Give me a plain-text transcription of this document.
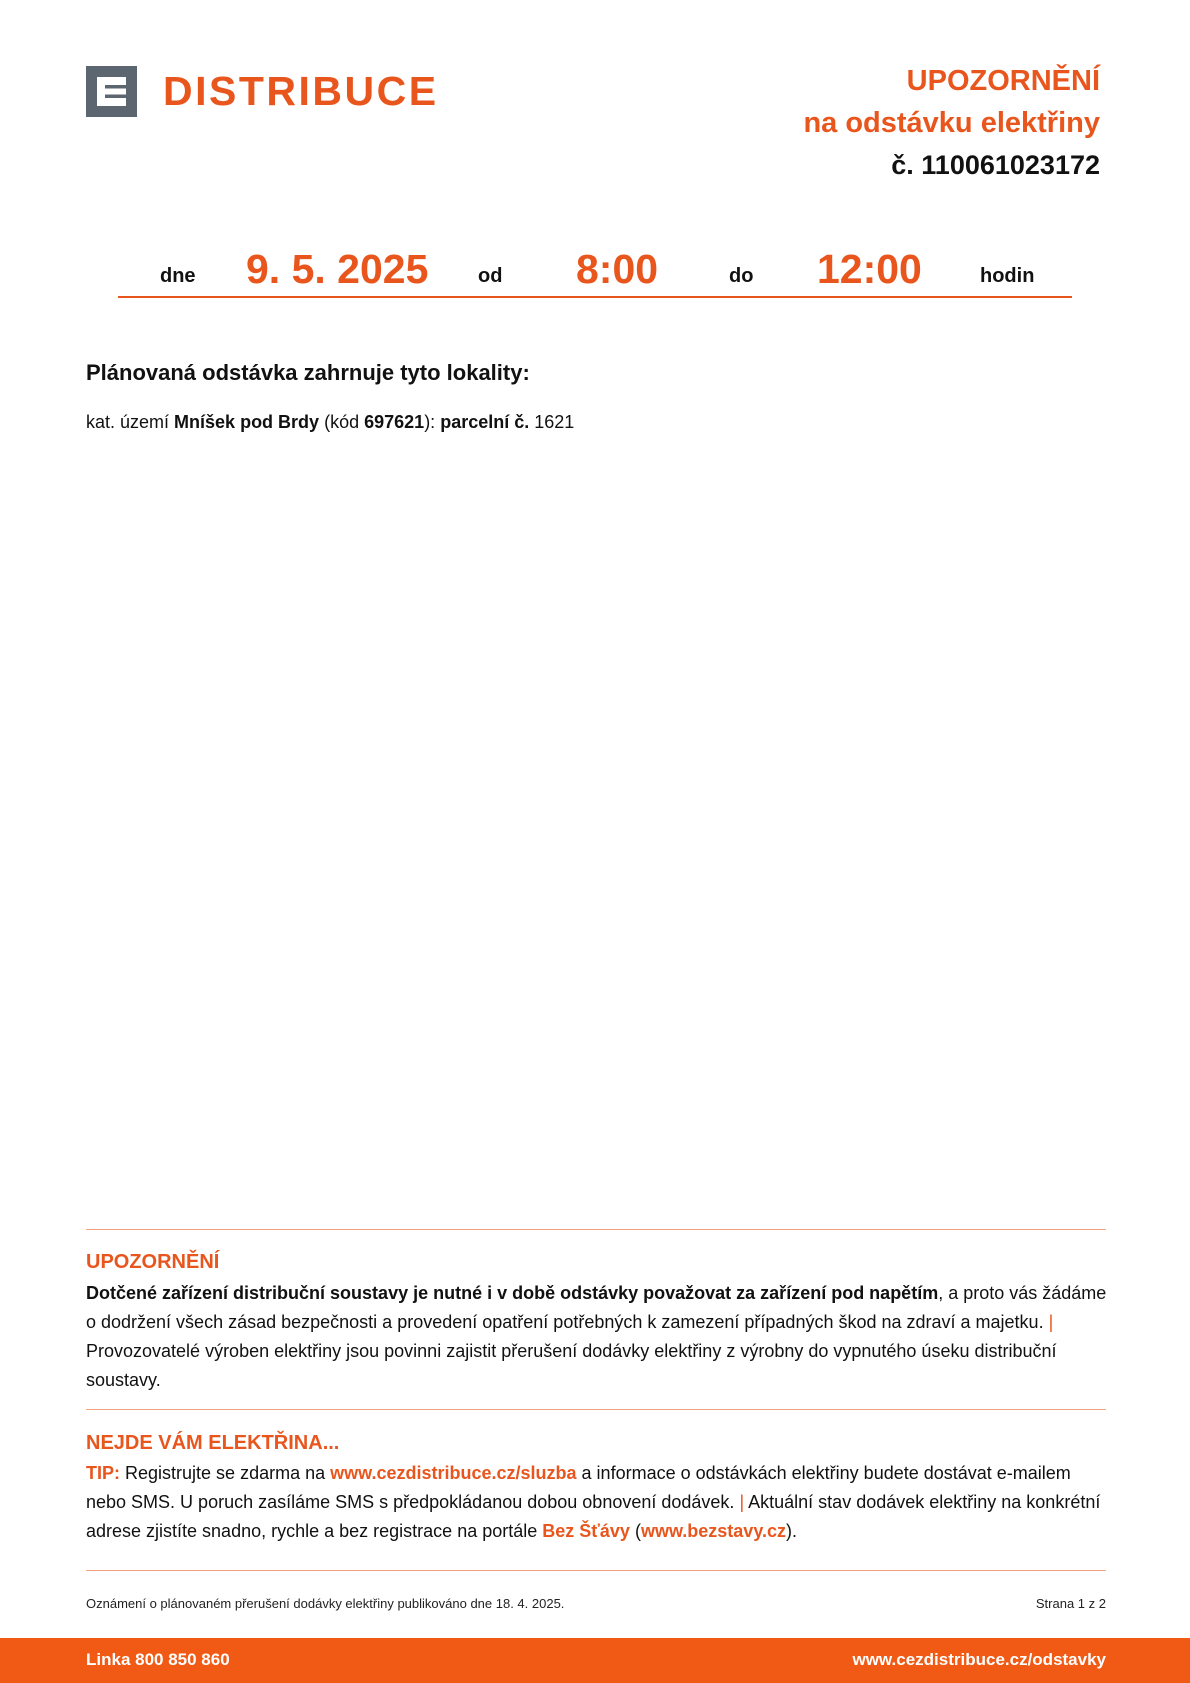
DISTRIBUCE	UPOZORNĚNÍ
na odstávku elektřiny
č. 110061023172
dne 9. 5. 2025 od 8:00	do 12:00	hodin
Plánovaná odstávka zahrnuje tyto lokality:
kat. území Mníšek pod Brdy (kód 697621): parcelní č. 1621
UPOZORNĚNÍ
Dotčené zařízení distribuční soustavy je nutné i v době odstávky považovat za zařízení pod napětím, a proto vás žádáme o dodržení všech zásad bezpečnosti a provedení opatření potřebných k zamezení případných škod na zdraví a majetku. | Provozovatelé výroben elektřiny jsou povinni zajistit přerušení dodávky elektřiny z výrobny do vypnutého úseku distribuční soustavy.
NEJDE VÁM ELEKTŘINA...
TIP: Registrujte se zdarma na www.cezdistribuce.cz/sluzba a informace o odstávkách elektřiny budete dostávat e-mailem nebo SMS. U poruch zasíláme SMS s předpokládanou dobou obnovení dodávek. | Aktuální stav dodávek elektřiny na konkrétní adrese zjistíte snadno, rychle a bez registrace na portále Bez Šťávy (www.bezstavy.cz).
Oznámení o plánovaném přerušení dodávky elektřiny publikováno dne 18. 4. 2025.	Strana 1 z 2
Linka 800 850 860	www.cezdistribuce.cz/odstavky
